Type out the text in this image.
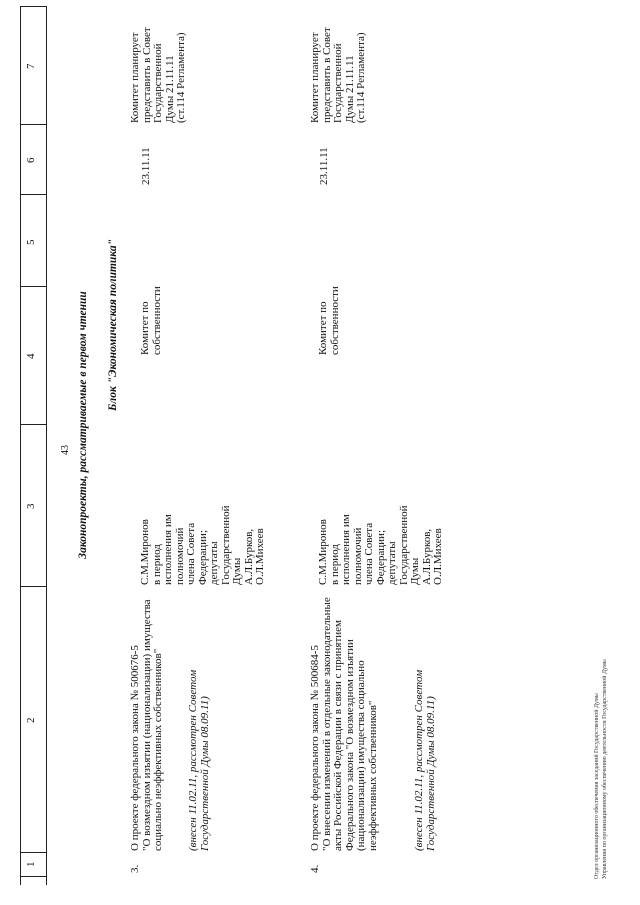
43
1
2
3
4
5
6
7
Законопроекты, рассматриваемые в первом чтении Блок "Экономическая политика"
3.
О проекте федерального закона № 500676-5
"О возмездном изъятии (национализации) имущества социально неэффективных собственников" (внесен 11.02.11, рассмотрен Советом Государственной Думы 08.09.11)
С.М.Миронов
в период
исполнения им
полномочий
члена Совета
Федерации;
депутаты
Государственной
Думы
А.Л.Бурков,
О.Л.Михеев
Комитет по
собственности
23.11.11
Комитет планирует
представить в Совет
Государственной
Думы 21.11.11
(ст.114 Регламента)
4.
О проекте федерального закона № 500684-5
"О внесении изменений в отдельные законодательные акты Российской Федерации в связи с принятием Федерального закона "О возмездном изъятии (национализации) имущества социально неэффективных собственников"	(внесен 11.02.11, рассмотрен Советом Государственной Думы 08.09.11)
С.М.Миронов
в период
исполнения им
полномочий
члена Совета
Федерации;
депутаты
Государственной
Думы
А.Л.Бурков,
О.Л.Михеев
Комитет по
собственности
23.11.11
Комитет планирует
представить в Совет
Государственной
Думы 21.11.11
(ст.114 Регламента)
Отдел организационного обеспечения заседаний Государственной Думы Управления по организационному обеспечению деятельности Государственной Думы
